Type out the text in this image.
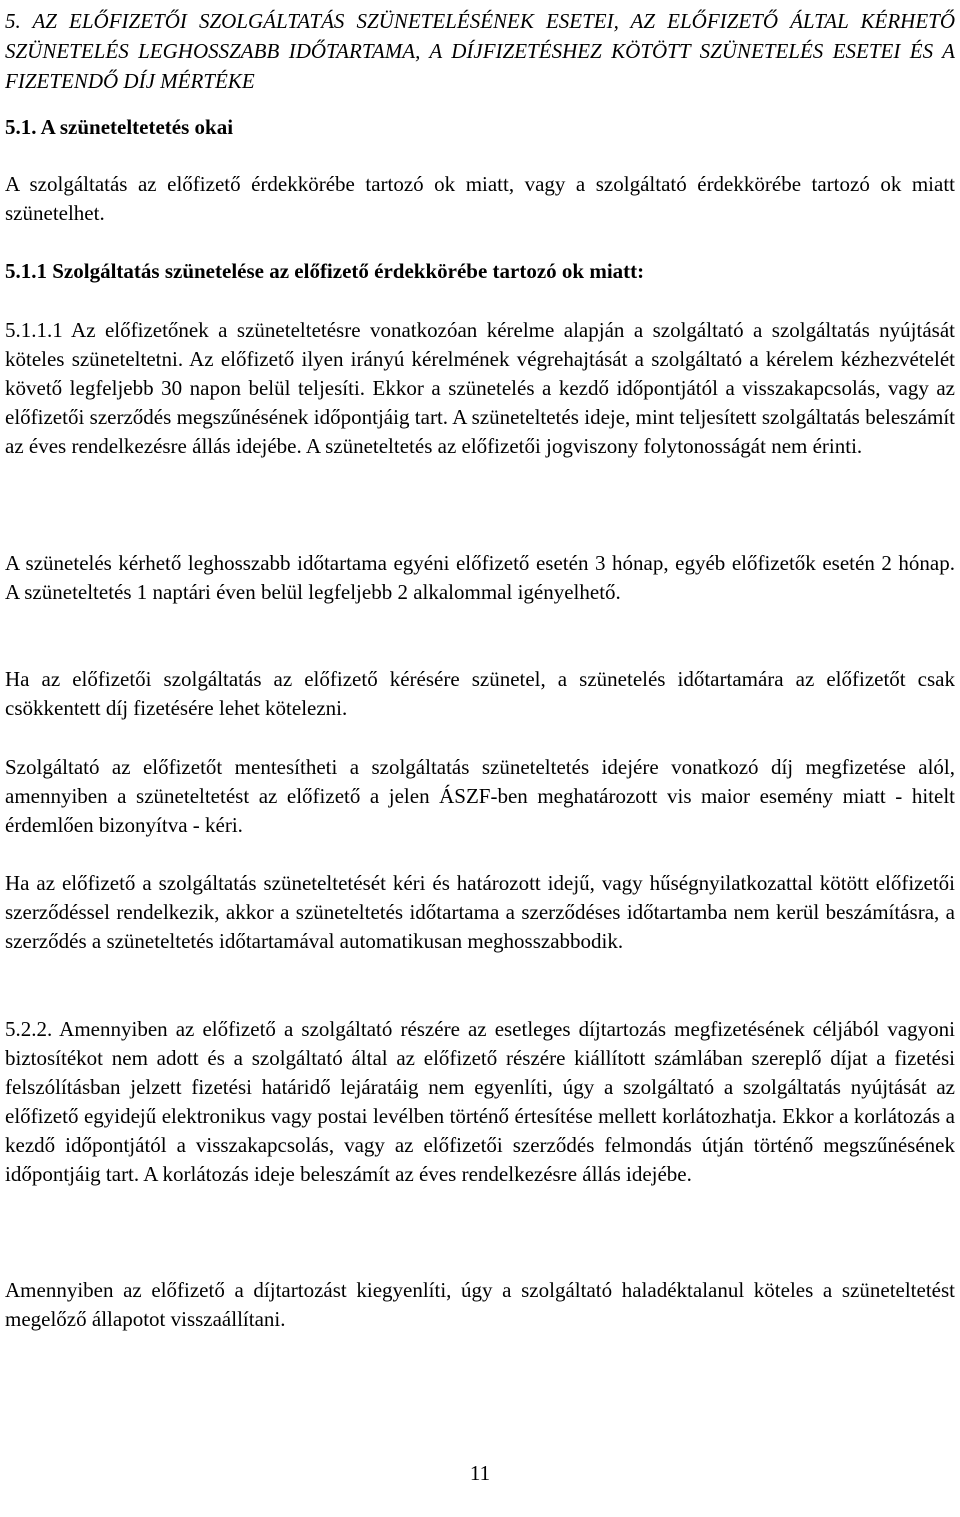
5. AZ ELŐFIZETŐI SZOLGÁLTATÁS SZÜNETELÉSÉNEK ESETEI, AZ ELŐFIZETŐ ÁLTAL KÉRHETŐ SZÜNETELÉS LEGHOSSZABB IDŐTARTAMA, A DÍJFIZETÉSHEZ KÖTÖTT SZÜNETELÉS ESETEI ÉS A FIZETENDŐ DÍJ MÉRTÉKE

5.1. A szüneteltetetés okai

A szolgáltatás az előfizető érdekkörébe tartozó ok miatt, vagy a szolgáltató érdekkörébe tartozó ok miatt szünetelhet.

5.1.1 Szolgáltatás szünetelése az előfizető érdekkörébe tartozó ok miatt:

5.1.1.1 Az előfizetőnek a szüneteltetésre vonatkozóan kérelme alapján a szolgáltató a szolgáltatás nyújtását köteles szüneteltetni. Az előfizető ilyen irányú kérelmének végrehajtását a szolgáltató a kérelem kézhezvételét követő legfeljebb 30 napon belül teljesíti. Ekkor a szünetelés a kezdő időpontjától a visszakapcsolás, vagy az előfizetői szerződés megszűnésének időpontjáig tart. A szüneteltetés ideje, mint teljesített szolgáltatás beleszámít az éves rendelkezésre állás idejébe. A szüneteltetés az előfizetői jogviszony folytonosságát nem érinti.

A szünetelés kérhető leghosszabb időtartama egyéni előfizető esetén 3 hónap, egyéb előfizetők esetén 2 hónap. A szüneteltetés 1 naptári éven belül legfeljebb 2 alkalommal igényelhető.

Ha az előfizetői szolgáltatás az előfizető kérésére szünetel, a szünetelés időtartamára az előfizetőt csak csökkentett díj fizetésére lehet kötelezni.

Szolgáltató az előfizetőt mentesítheti a szolgáltatás szüneteltetés idejére vonatkozó díj megfizetése alól, amennyiben a szüneteltetést az előfizető a jelen ÁSZF-ben meghatározott vis maior esemény miatt - hitelt érdemlően bizonyítva - kéri.

Ha az előfizető a szolgáltatás szüneteltetését kéri és határozott idejű, vagy hűségnyilatkozattal kötött előfizetői szerződéssel rendelkezik, akkor a szüneteltetés időtartama a szerződéses időtartamba nem kerül beszámításra, a szerződés a szüneteltetés időtartamával automatikusan meghosszabbodik.

5.2.2. Amennyiben az előfizető a szolgáltató részére az esetleges díjtartozás megfizetésének céljából vagyoni biztosítékot nem adott és a szolgáltató által az előfizető részére kiállított számlában szereplő díjat a fizetési felszólításban jelzett fizetési határidő lejáratáig nem egyenlíti, úgy a szolgáltató a szolgáltatás nyújtását az előfizető egyidejű elektronikus vagy postai levélben történő értesítése mellett korlátozhatja. Ekkor a korlátozás a kezdő időpontjától a visszakapcsolás, vagy az előfizetői szerződés felmondás útján történő megszűnésének időpontjáig tart. A korlátozás ideje beleszámít az éves rendelkezésre állás idejébe.

Amennyiben az előfizető a díjtartozást kiegyenlíti, úgy a szolgáltató haladéktalanul köteles a szüneteltetést megelőző állapotot visszaállítani.

11
